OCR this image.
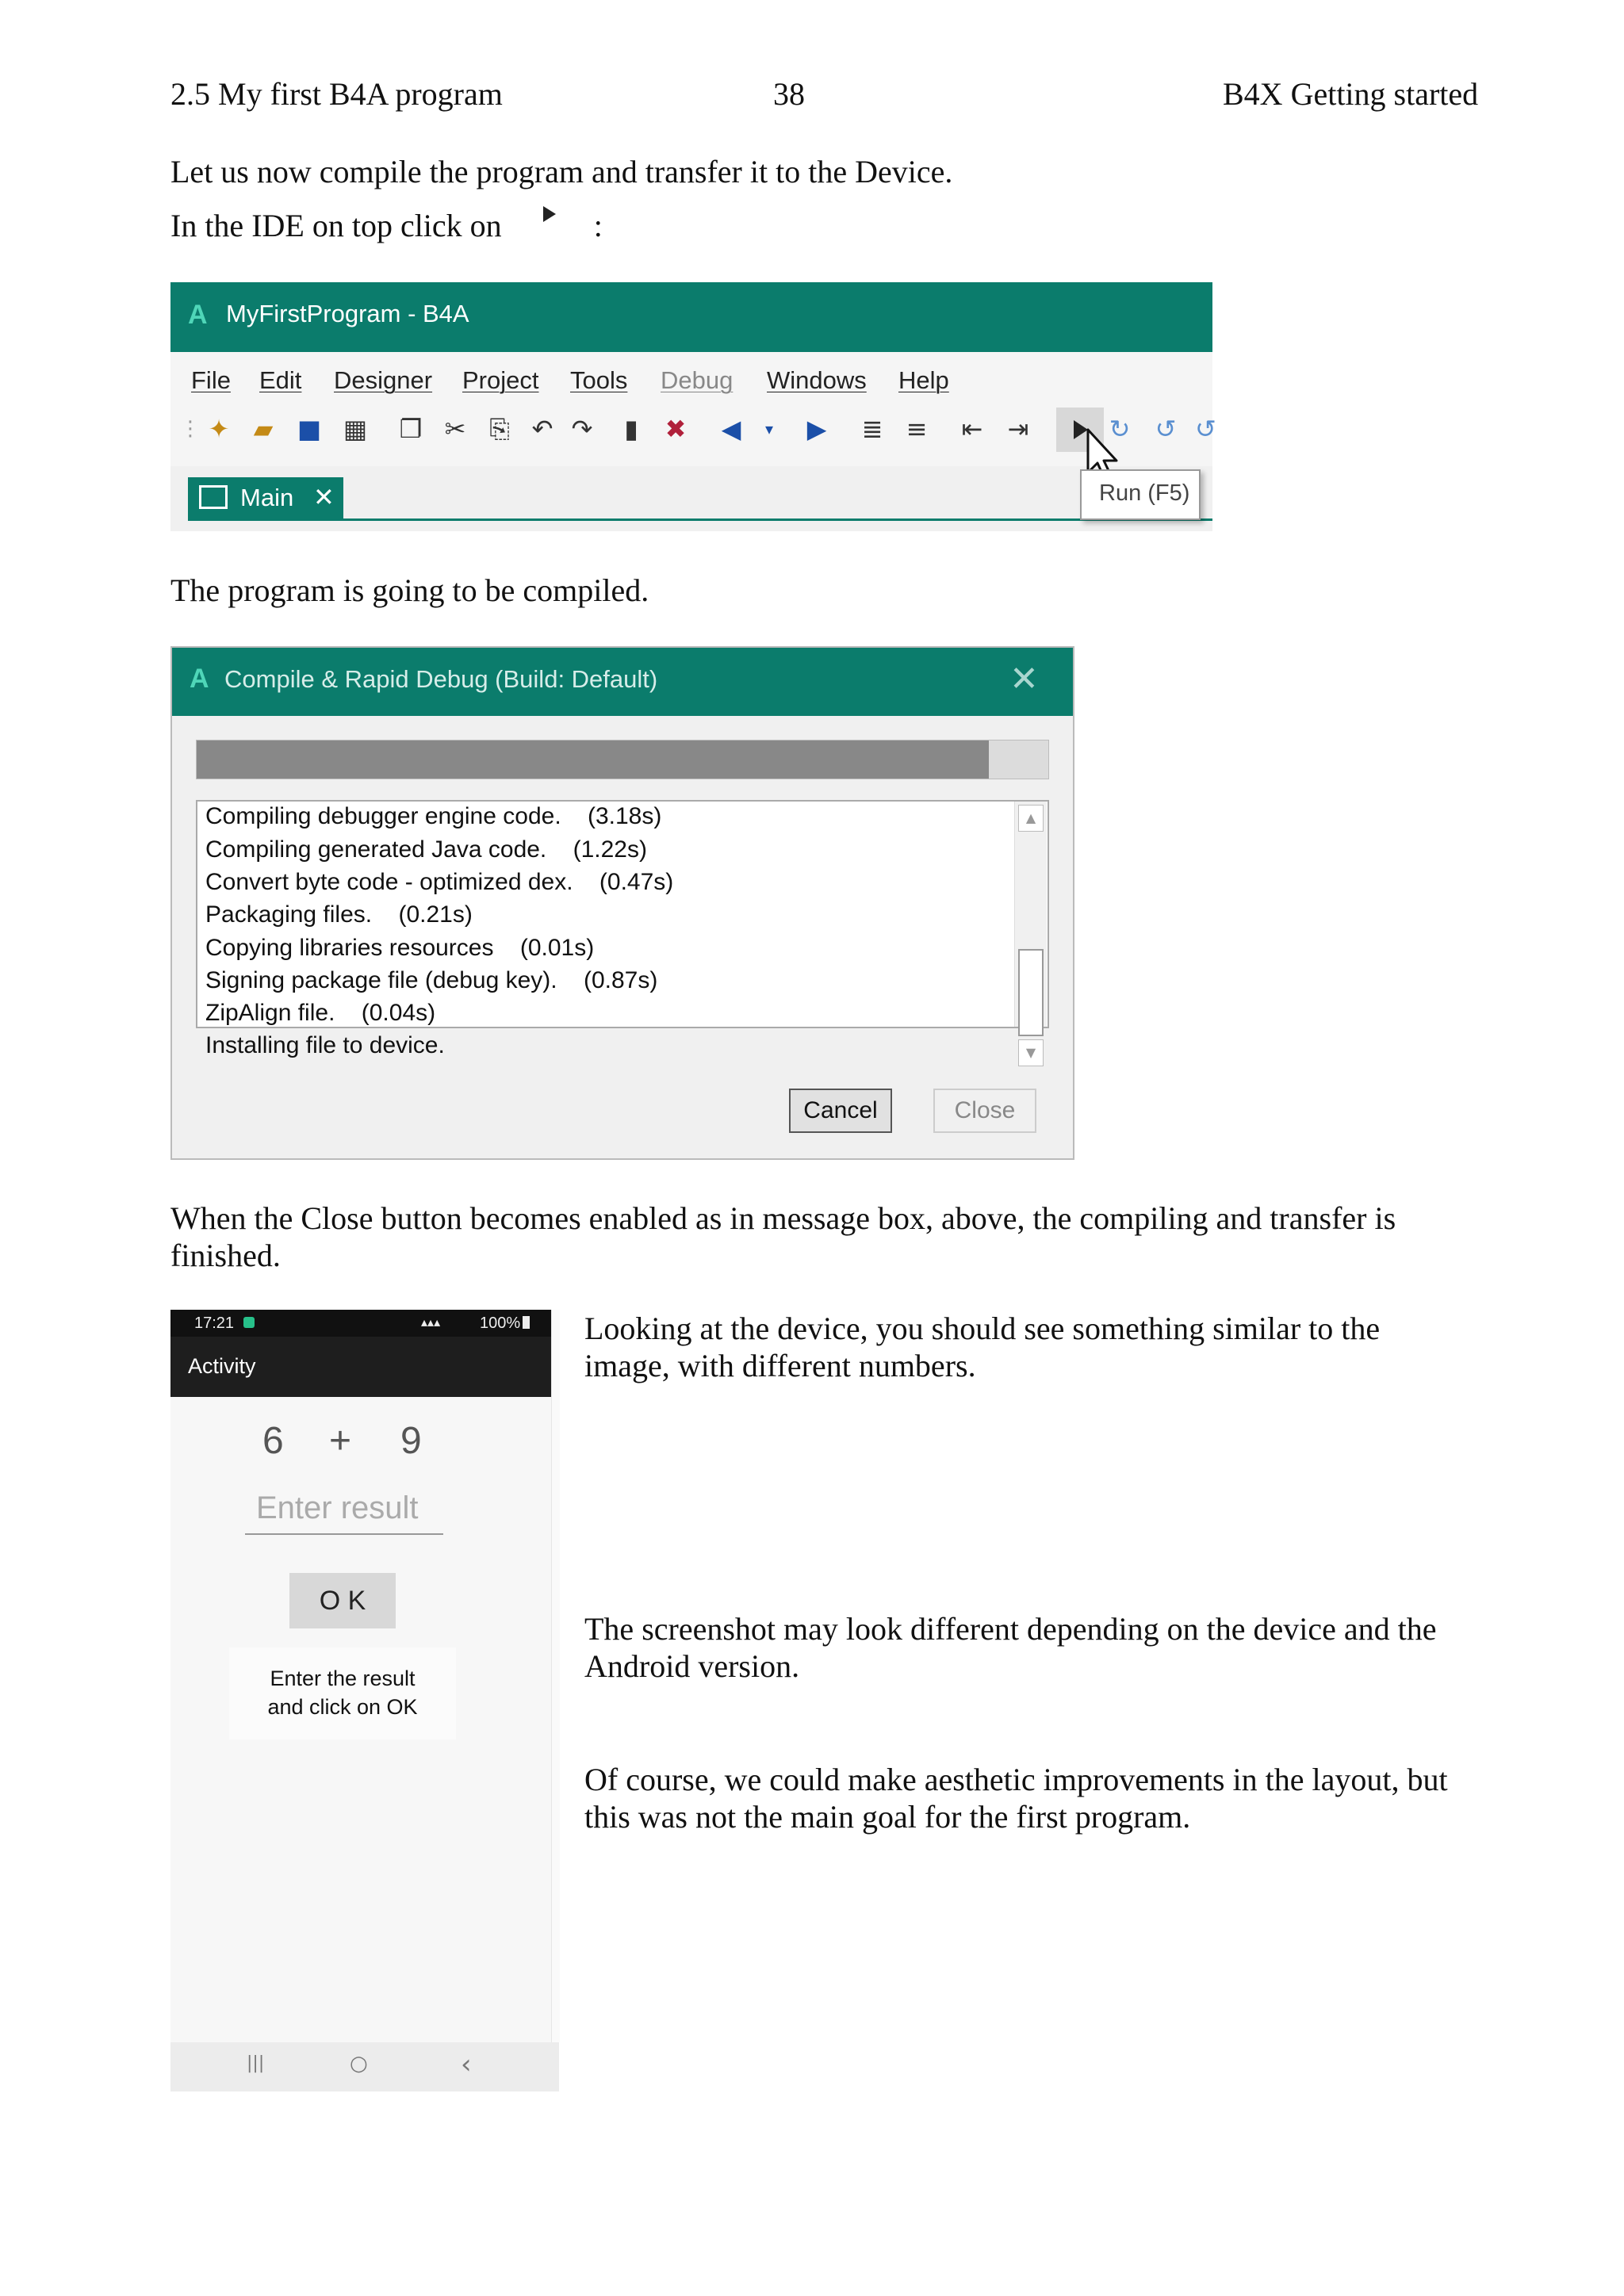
2.5 My first B4A program	38	B4X Getting started
Let us now compile the program and transfer it to the Device.
In the IDE on top click on	:
A MyFirstProgram - B4A
File Edit Designer Project Tools Debug Windows Help
⋮ ✦ ▰ ■ ▦ ❐ ✂ ⎘ ↶ ↷	▮	✖ ◀	▾	▶ ≣ ≡ ⇤ ⇥	↻ ↺ ↺
Main ✕	Run (F5)
The program is going to be compiled.
A Compile & Rapid Debug (Build: Default)	✕
Compiling debugger engine code.    (3.18s)
Compiling generated Java code.    (1.22s)
Convert byte code - optimized dex.    (0.47s)
Packaging files.    (0.21s)
Copying libraries resources    (0.01s)
Signing package file (debug key).    (0.87s)
ZipAlign file.    (0.04s)
Installing file to device.
▲
▼
Cancel	Close
When the Close button becomes enabled as in message box, above, the compiling and transfer is
finished.
17:21	▴▴▴ 100%
Activity
6 + 9
Enter result
O K
Enter the result
and click on OK
|||	○	‹
Looking at the device, you should see something similar to the
image, with different numbers.
The screenshot may look different depending on the device and the
Android version.
Of course, we could make aesthetic improvements in the layout, but
this was not the main goal for the first program.
